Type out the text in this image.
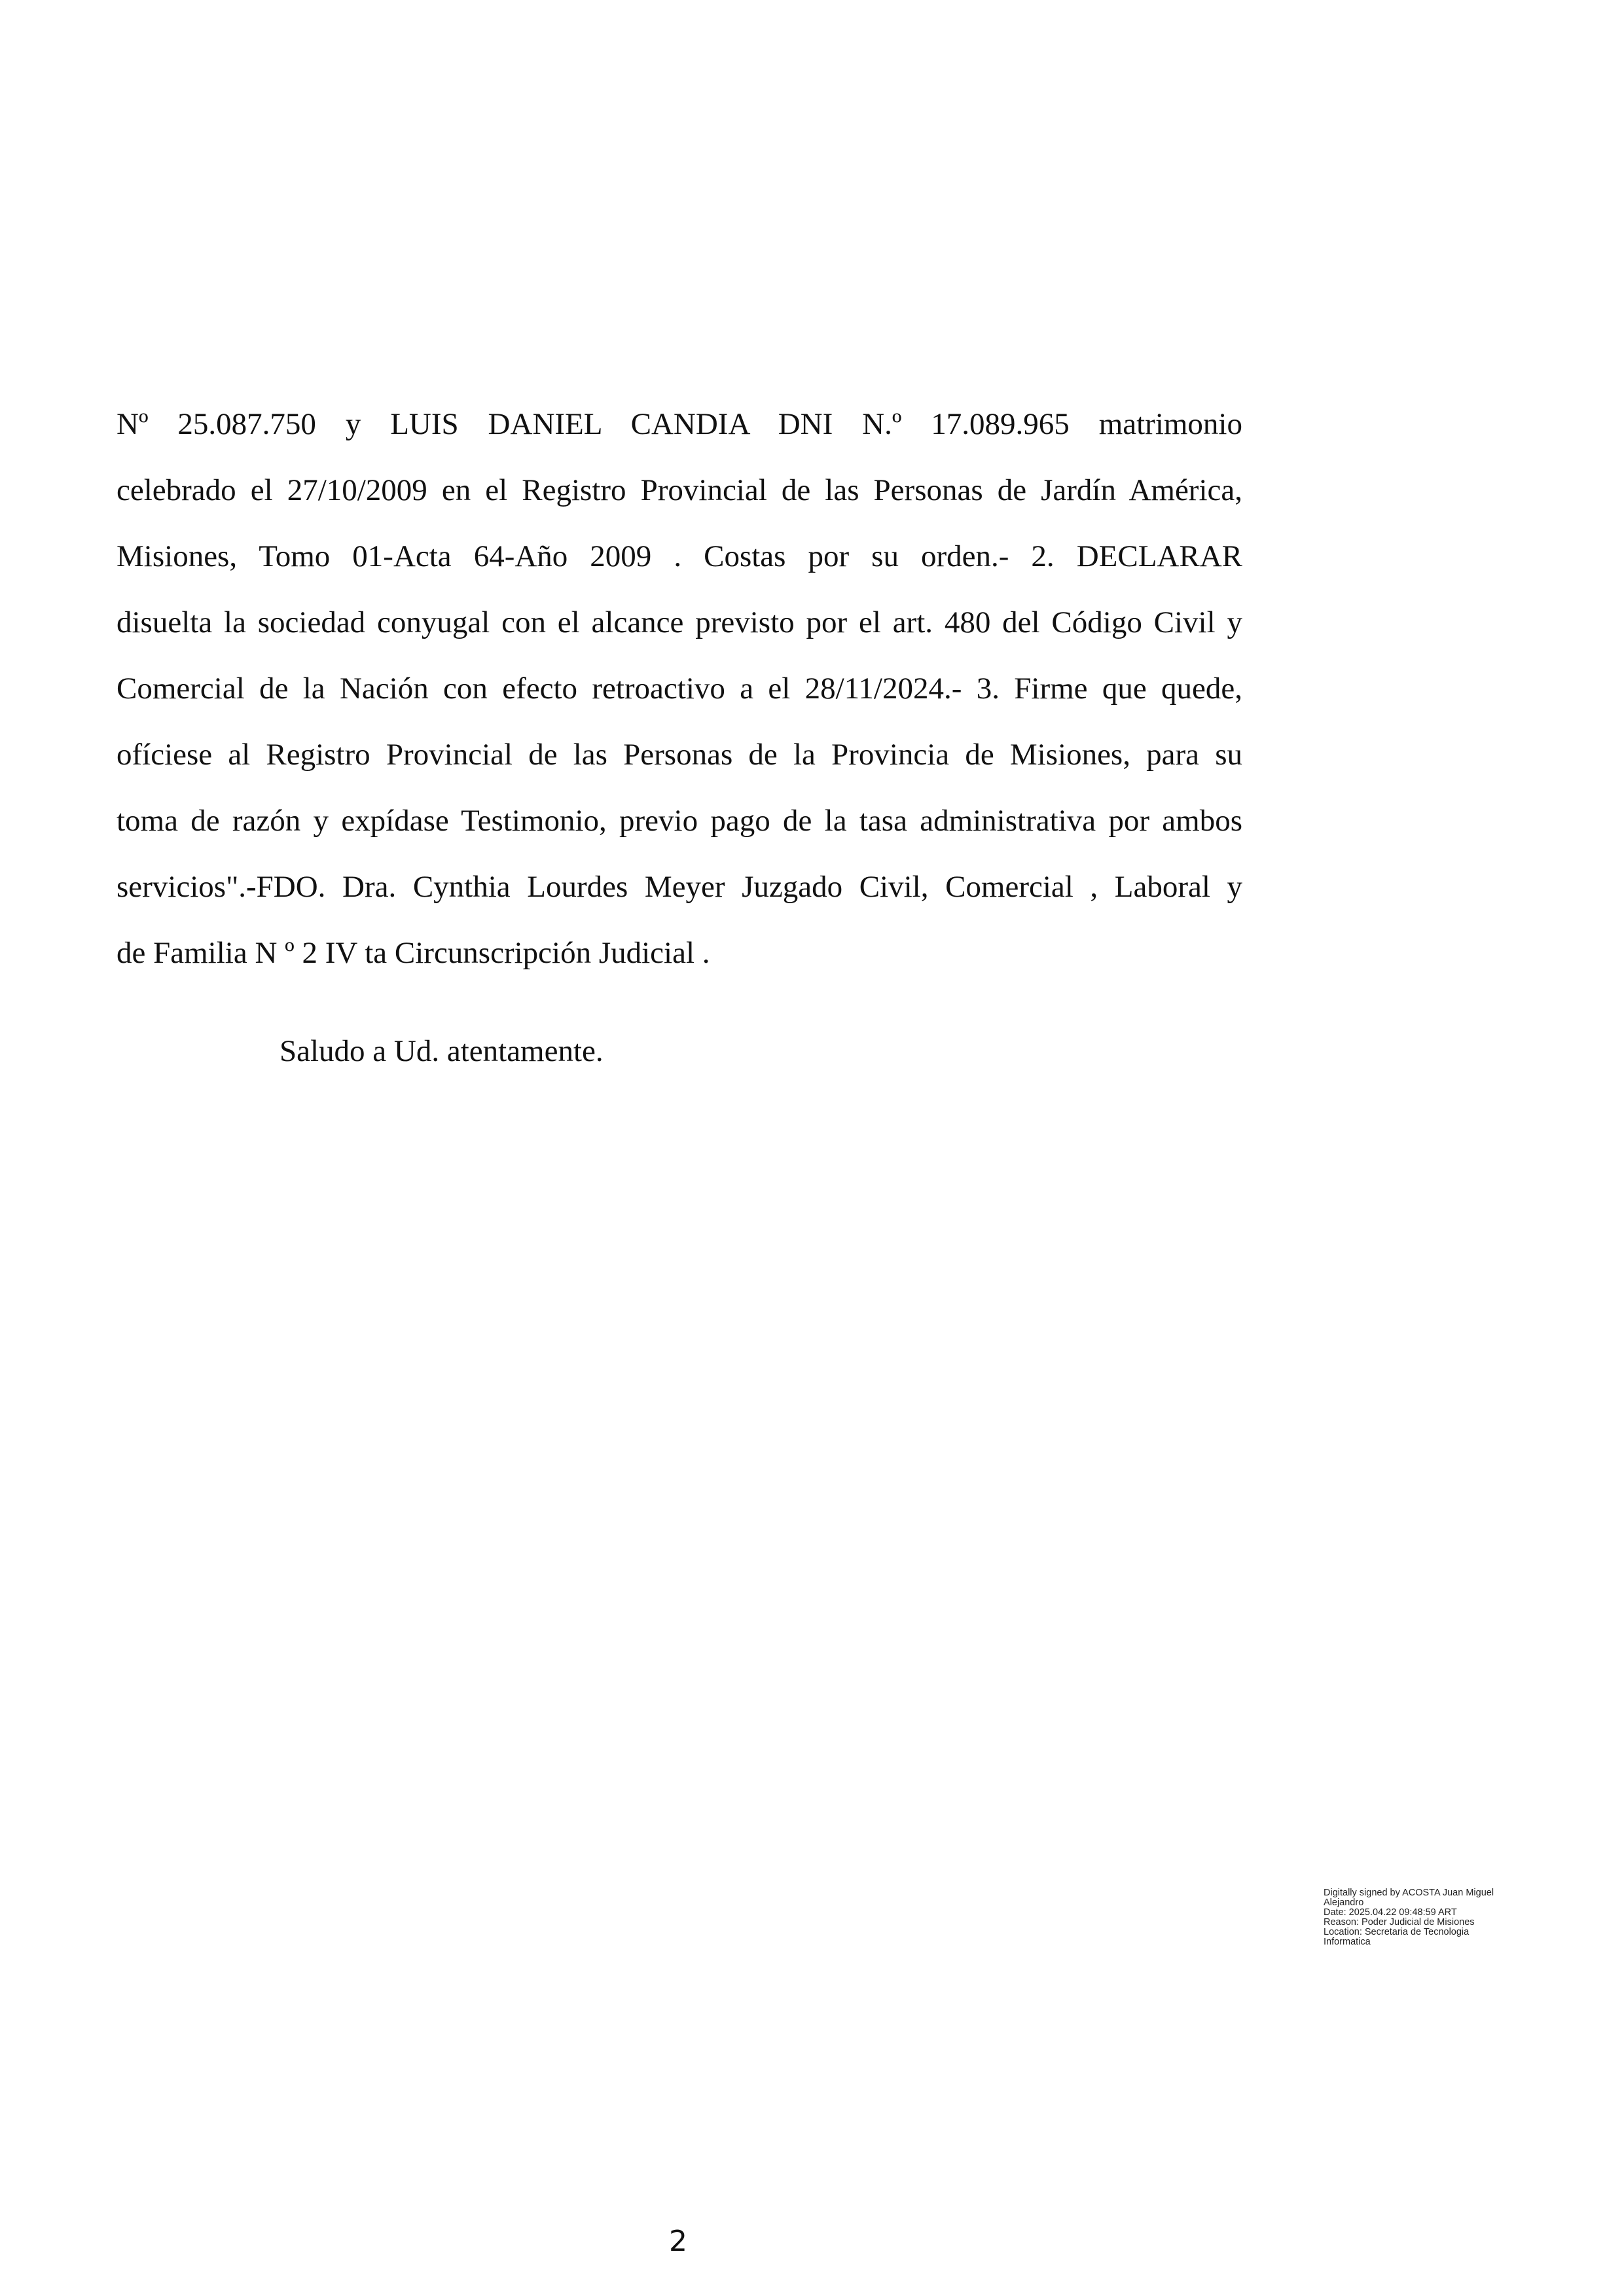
Nº 25.087.750 y LUIS DANIEL CANDIA DNI N.º 17.089.965 matrimonio
celebrado el 27/10/2009 en el Registro Provincial de las Personas de Jardín América,
Misiones, Tomo 01-Acta 64-Año 2009 . Costas por su orden.- 2. DECLARAR
disuelta la sociedad conyugal con el alcance previsto por el art. 480 del Código Civil y
Comercial de la Nación con efecto retroactivo a el 28/11/2024.- 3. Firme que quede,
ofíciese al Registro Provincial de las Personas de la Provincia de Misiones, para su
toma de razón y expídase Testimonio, previo pago de la tasa administrativa por ambos
servicios".-FDO. Dra. Cynthia Lourdes Meyer Juzgado Civil, Comercial , Laboral y
de Familia N º 2 IV ta Circunscripción Judicial .
Saludo a Ud. atentamente.
Digitally signed by ACOSTA Juan Miguel
Alejandro
Date: 2025.04.22 09:48:59 ART
Reason: Poder Judicial de Misiones
Location: Secretaria de Tecnologia
Informatica
2
